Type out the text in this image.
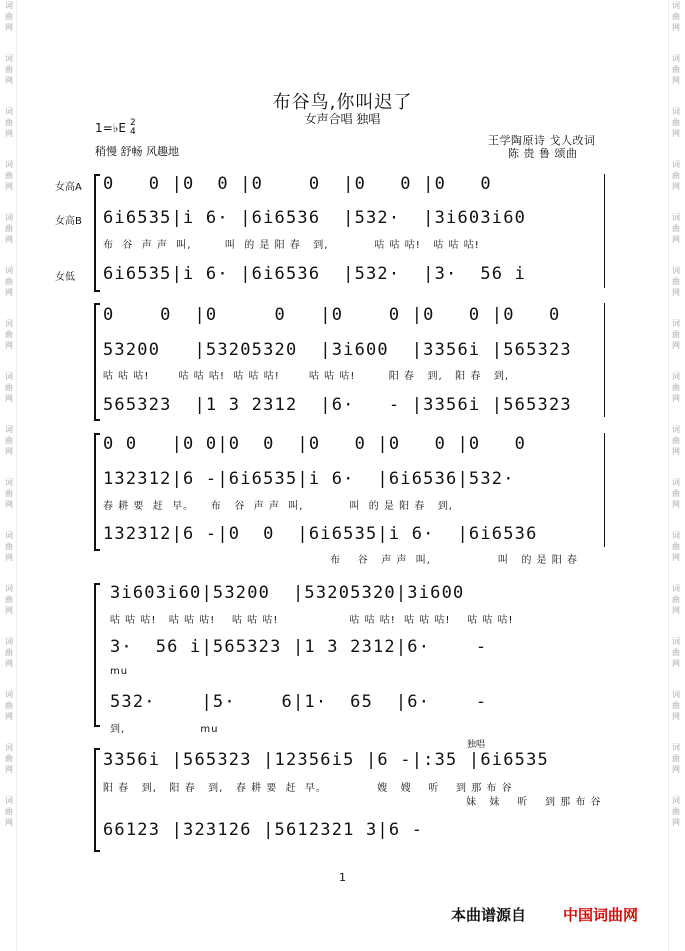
词
曲
网
词
曲
网
词
曲
网
词
曲
网
词
曲
网
词
曲
网
词
曲
网
词
曲
网
词
曲
网
词
曲
网
词
曲
网
词
曲
网
词
曲
网
词
曲
网
词
曲
网
词
曲
网
词
曲
网
词
曲
网
词
曲
网
词
曲
网
词
曲
网
词
曲
网
词
曲
网
词
曲
网
词
曲
网
词
曲
网
词
曲
网
词
曲
网
词
曲
网
词
曲
网
词
曲
网
词
曲
网
布谷鸟,你叫迟了
女声合唱 独唱
1=♭E 2
4
稍慢 舒畅 风趣地
王学陶原诗 戈人改词
陈 贵 鲁 颂曲
女高A
女高B
女低
0   0 |0  0 |0    0  |0   0 |0   0
6i6535|i 6· |6i6536  |532·  |3i603i60
布  谷  声 声  叫,        叫  的 是 阳 春   到,           咕 咕 咕!   咕 咕 咕!
6i6535|i 6· |6i6536  |532·  |3·  56 i
0    0  |0     0   |0    0 |0   0 |0   0
53200   |53205320  |3i600  |3356i |565323
咕 咕 咕!       咕 咕 咕!  咕 咕 咕!       咕 咕 咕!        阳 春   到,   阳 春   到,
565323  |1 3 2312  |6·   - |3356i |565323
0 0   |0 0|0  0  |0   0 |0   0 |0   0
132312|6 -|6i6535|i 6·  |6i6536|532·
春 耕 要  赶  早。    布   谷  声 声  叫,           叫  的 是 阳 春   到,
132312|6 -|0  0  |6i6535|i 6·  |6i6536
布    谷   声 声  叫,                叫   的 是 阳 春
3i603i60|53200  |53205320|3i600
咕 咕 咕!   咕 咕 咕!    咕 咕 咕!                 咕 咕 咕!  咕 咕 咕!    咕 咕 咕!
3·  56 i|565323 |1 3 2312|6·    -
mu
532·    |5·    6|1·  65  |6·    -
到,                  mu
独唱
3356i |565323 |12356i5 |6 -|:35 |6i6535
阳 春   到,   阳 春   到,   春 耕 要  赶  早。            嫂   嫂    听    到 那 布 谷
妹   妹    听    到 那 布 谷
66123 |323126 |5612321 3|6 -
1
本曲谱源自 中国词曲网
